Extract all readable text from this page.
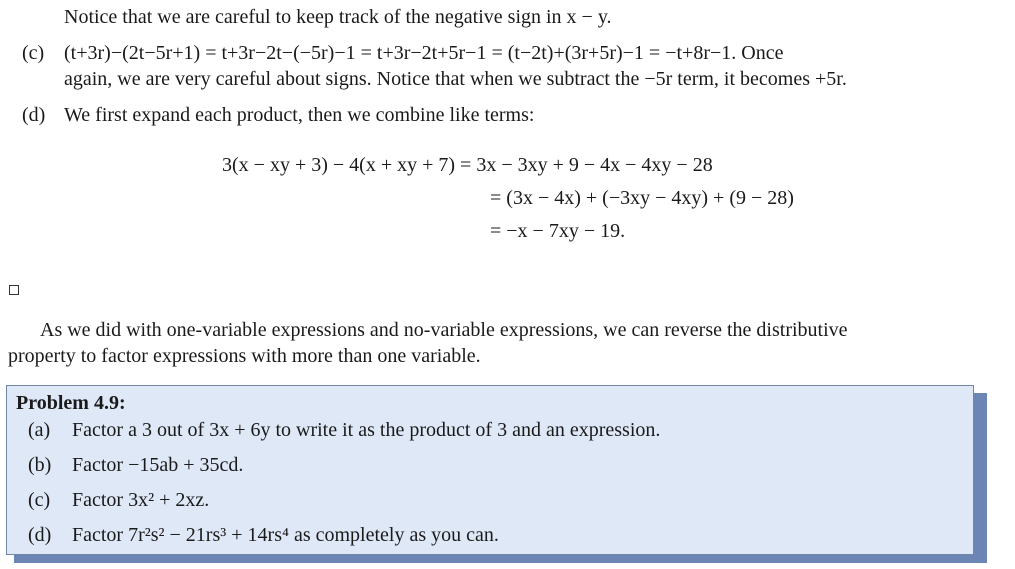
Notice that we are careful to keep track of the negative sign in x − y.
(c) (t+3r)−(2t−5r+1) = t+3r−2t−(−5r)−1 = t+3r−2t+5r−1 = (t−2t)+(3r+5r)−1 = −t+8r−1. Once
again, we are very careful about signs. Notice that when we subtract the −5r term, it becomes +5r.
(d) We first expand each product, then we combine like terms:
3(x − xy + 3) − 4(x + xy + 7) = 3x − 3xy + 9 − 4x − 4xy − 28
= (3x − 4x) + (−3xy − 4xy) + (9 − 28)
= −x − 7xy − 19.
As we did with one-variable expressions and no-variable expressions, we can reverse the distributive
property to factor expressions with more than one variable.
Problem 4.9:
(a) Factor a 3 out of 3x + 6y to write it as the product of 3 and an expression.
(b) Factor −15ab + 35cd.
(c) Factor 3x² + 2xz.
(d) Factor 7r²s² − 21rs³ + 14rs⁴ as completely as you can.
